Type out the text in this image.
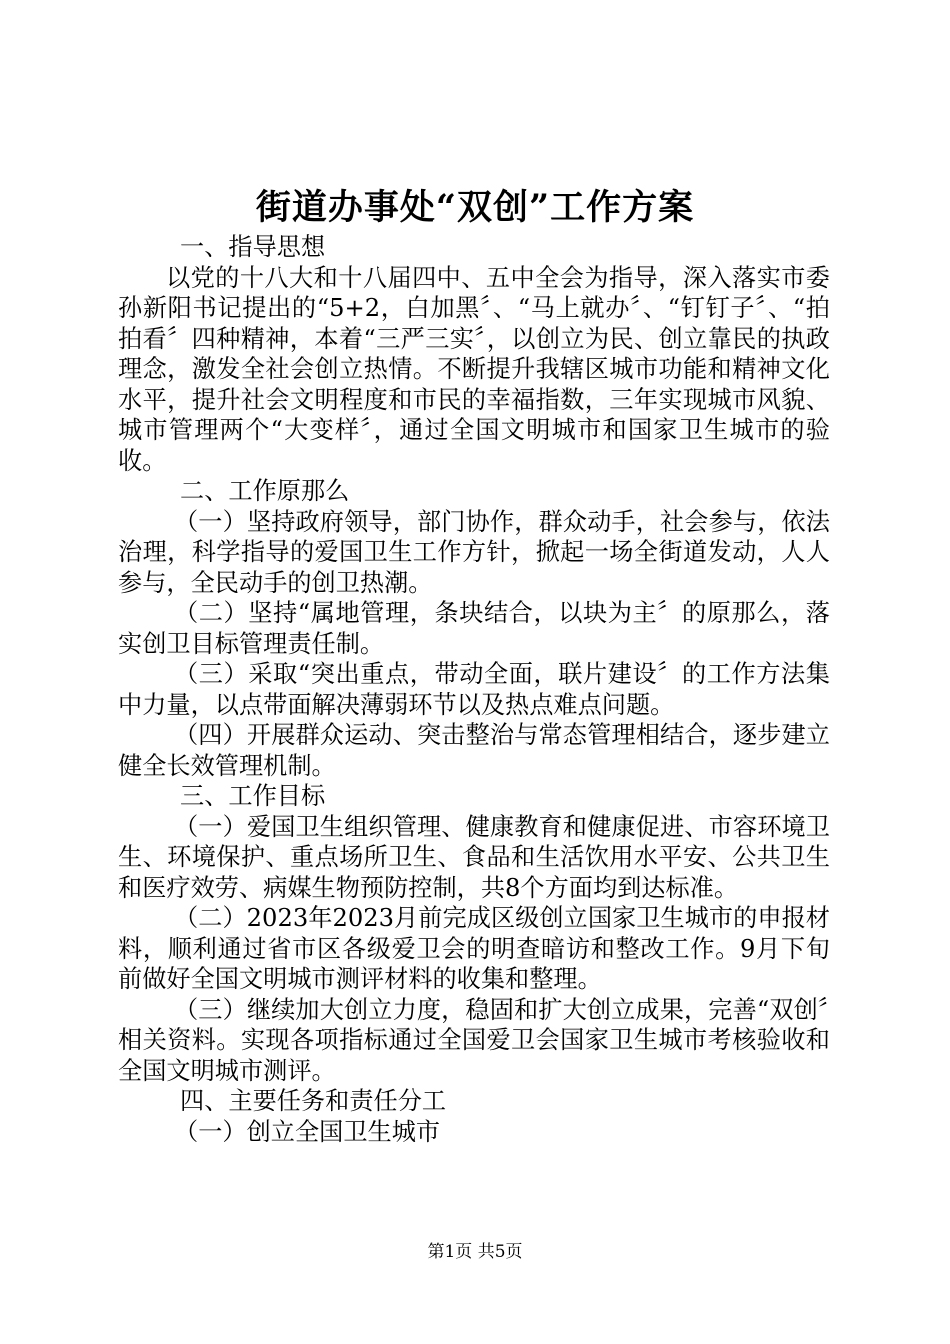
街道办事处“双创”工作方案

一、指导思想

以党的十八大和十八届四中、五中全会为指导，深入落实市委孙新阳书记提出的“5+2，白加黑〞、“马上就办〞、“钉钉子〞、“拍拍看〞四种精神，本着“三严三实〞，以创立为民、创立靠民的执政理念，激发全社会创立热情。不断提升我辖区城市功能和精神文化水平，提升社会文明程度和市民的幸福指数，三年实现城市风貌、城市管理两个“大变样〞，通过全国文明城市和国家卫生城市的验收。

二、工作原那么

（一）坚持政府领导，部门协作，群众动手，社会参与，依法治理，科学指导的爱国卫生工作方针，掀起一场全街道发动，人人参与，全民动手的创卫热潮。

（二）坚持“属地管理，条块结合，以块为主〞的原那么，落实创卫目标管理责任制。

（三）采取“突出重点，带动全面，联片建设〞的工作方法集中力量，以点带面解决薄弱环节以及热点难点问题。

（四）开展群众运动、突击整治与常态管理相结合，逐步建立健全长效管理机制。

三、工作目标

（一）爱国卫生组织管理、健康教育和健康促进、市容环境卫生、环境保护、重点场所卫生、食品和生活饮用水平安、公共卫生和医疗效劳、病媒生物预防控制，共8个方面均到达标准。

（二）2023年2023月前完成区级创立国家卫生城市的申报材料，顺利通过省市区各级爱卫会的明查暗访和整改工作。9月下旬前做好全国文明城市测评材料的收集和整理。

（三）继续加大创立力度，稳固和扩大创立成果，完善“双创〞相关资料。实现各项指标通过全国爱卫会国家卫生城市考核验收和全国文明城市测评。

四、主要任务和责任分工

（一）创立全国卫生城市

第1页 共5页
